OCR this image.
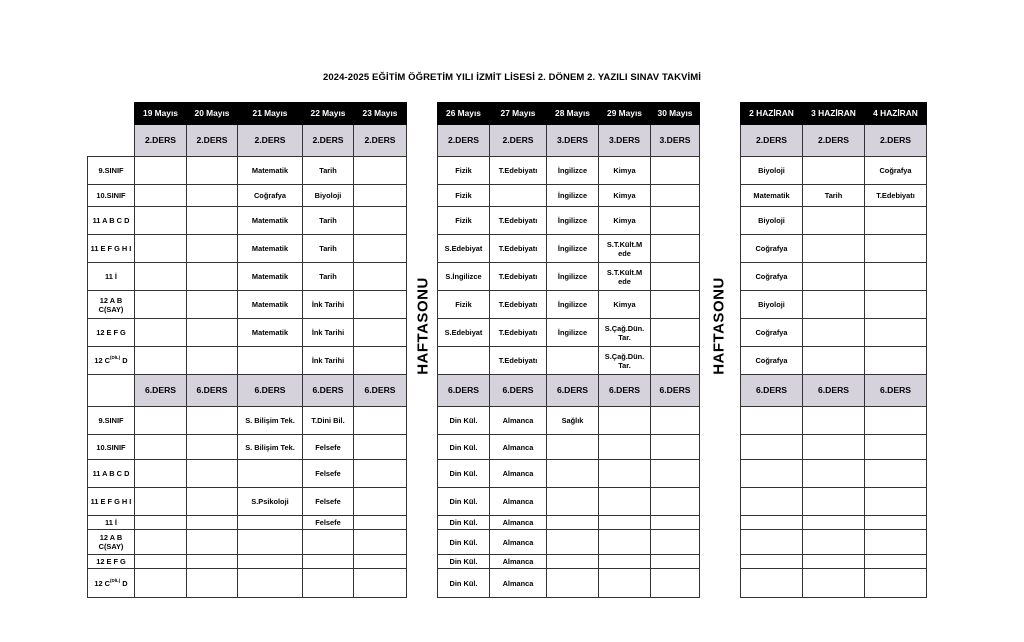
2024-2025 EĞİTİM ÖĞRETİM YILI İZMİT LİSESİ 2. DÖNEM 2. YAZILI SINAV TAKVİMİ
	19 Mayıs	20 Mayıs	21 Mayıs	22 Mayıs	23 Mayıs
	2.DERS	2.DERS	2.DERS	2.DERS	2.DERS
9.SINIF			Matematik	Tarih	
10.SINIF			Coğrafya	Biyoloji	
11 A B C D			Matematik	Tarih	
11 E F G H I			Matematik	Tarih	
11 İ			Matematik	Tarih	
12 A B C(SAY)			Matematik	İnk Tarihi	
12 E F G			Matematik	İnk Tarihi	
12 $C^{(DİL)}$ D				İnk Tarihi	
	6.DERS	6.DERS	6.DERS	6.DERS	6.DERS
9.SINIF			S. Bilişim Tek.	T.Dini Bil.	
10.SINIF			S. Bilişim Tek.	Felsefe	
11 A B C D				Felsefe	
11 E F G H I			S.Psikoloji	Felsefe	
11 İ				Felsefe	
12 A B C(SAY)					
12 E F G					
12 $C^{(DİL)}$ D					
26 Mayıs	27 Mayıs	28 Mayıs	29 Mayıs	30 Mayıs
2.DERS	2.DERS	3.DERS	3.DERS	3.DERS
Fizik	T.Edebiyatı	İngilizce	Kimya	
Fizik		İngilizce	Kimya	
Fizik	T.Edebiyatı	İngilizce	Kimya	
S.Edebiyat	T.Edebiyatı	İngilizce	S.T.Kült.M ede	
S.İngilizce	T.Edebiyatı	İngilizce	S.T.Kült.M ede	
Fizik	T.Edebiyatı	İngilizce	Kimya	
S.Edebiyat	T.Edebiyatı	İngilizce	S.Çağ.Dün. Tar.	
	T.Edebiyatı		S.Çağ.Dün. Tar.	
6.DERS	6.DERS	6.DERS	6.DERS	6.DERS
Din Kül.	Almanca	Sağlık		
Din Kül.	Almanca			
Din Kül.	Almanca			
Din Kül.	Almanca			
Din Kül.	Almanca			
Din Kül.	Almanca			
Din Kül.	Almanca			
Din Kül.	Almanca			
2 HAZİRAN	3 HAZİRAN	4 HAZİRAN
2.DERS	2.DERS	2.DERS
Biyoloji		Coğrafya
Matematik	Tarih	T.Edebiyatı
Biyoloji		
Coğrafya		
Coğrafya		
Biyoloji		
Coğrafya		
Coğrafya		
6.DERS	6.DERS	6.DERS

HAFTASONU	HAFTASONU
